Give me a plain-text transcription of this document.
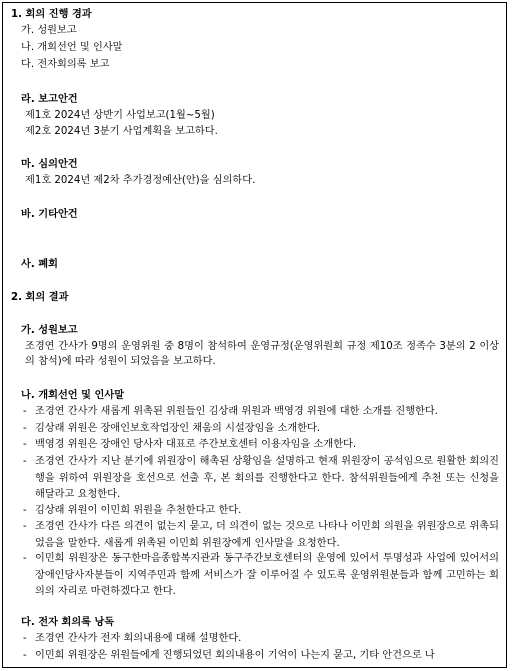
1. 회의 진행 경과
가. 성원보고
나. 개회선언 및 인사말
다. 전자회의록 보고
라. 보고안건
제1호 2024년 상반기 사업보고(1월~5월)
제2호 2024년 3분기 사업계획을 보고하다.
마. 심의안건
제1호 2024년 제2차 추가경정예산(안)을 심의하다.
바. 기타안건
사. 폐회
2. 회의 결과
가. 성원보고
조경연 간사가 9명의 운영위원 중 8명이 참석하여 운영규정(운영위원회 규정 제10조 정족수 3분의 2 이상의 참석)에 따라 성원이 되었음을 보고하다.
나. 개회선언 및 인사말
- 조경연 간사가 새롭게 위촉된 위원들인 김상래 위원과 백영경 위원에 대한 소개를 진행한다.
- 김상래 위원은 장애인보호작업장인 채움의 시설장임을 소개한다.
- 백영경 위원은 장애인 당사자 대표로 주간보호센터 이용자임을 소개한다.
- 조경연 간사가 지난 분기에 위원장이 해촉된 상황임을 설명하고 현재 위원장이 공석임으로 원활한 회의진행을 위하여 위원장을 호선으로 선출 후, 본 회의를 진행한다고 한다. 참석위원들에게 추천 또는 신청을 해달라고 요청한다.
- 김상래 위원이 이민희 위원을 추천한다고 한다.
- 조경연 간사가 다른 의견이 없는지 묻고, 더 의견이 없는 것으로 나타나 이민희 의원을 위원장으로 위촉되었음을 말한다. 새롭게 위촉된 이민희 위원장에게 인사말을 요청한다.
- 이민희 위원장은 동구한마음종합복지관과 동구주간보호센터의 운영에 있어서 투명성과 사업에 있어서의 장애인당사자분들이 지역주민과 함께 서비스가 잘 이루어질 수 있도록 운영위원분들과 함께 고민하는 회의의 자리로 마련하겠다고 한다.
다. 전자 회의록 낭독
- 조경연 간사가 전자 회의내용에 대해 설명한다.
- 이민희 위원장은 위원들에게 진행되었던 회의내용이 기억이 나는지 묻고, 기타 안건으로 나
